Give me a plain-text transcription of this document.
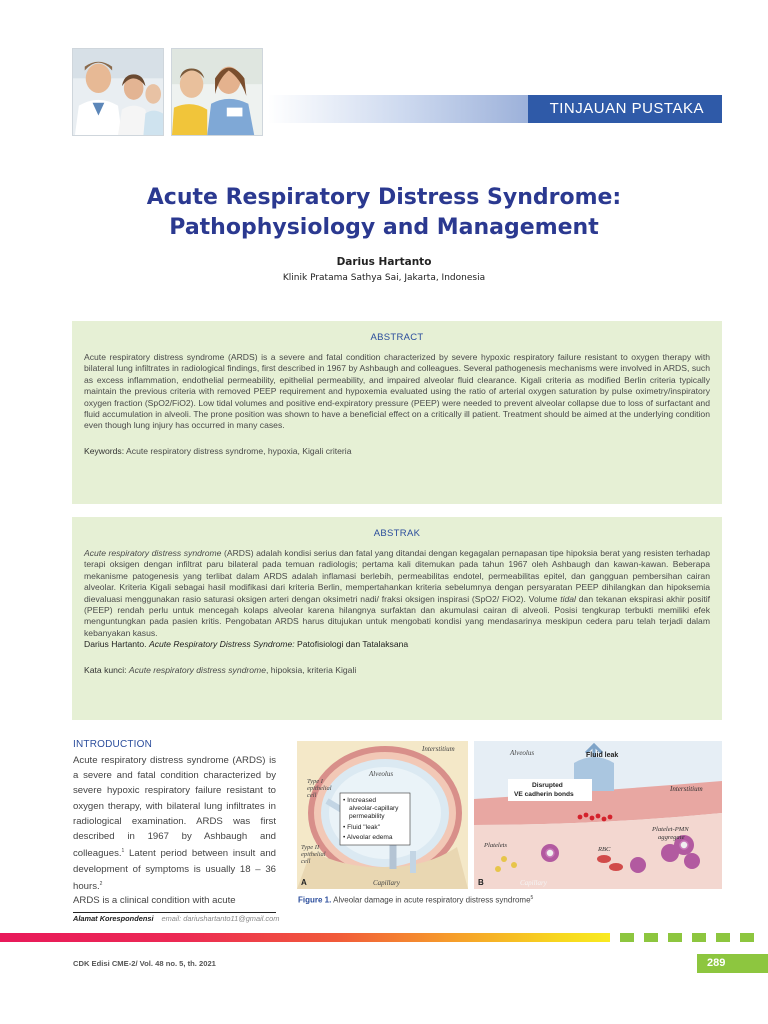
TINJAUAN PUSTAKA
Acute Respiratory Distress Syndrome:
Pathophysiology and Management
Darius Hartanto
Klinik Pratama Sathya Sai, Jakarta, Indonesia
ABSTRACT

Acute respiratory distress syndrome (ARDS) is a severe and fatal condition characterized by severe hypoxic respiratory failure resistant to oxygen therapy with bilateral lung infiltrates in radiological findings, first described in 1967 by Ashbaugh and colleagues. Several pathogenesis mechanisms were involved in ARDS, such as excess inflammation, endothelial permeability, epithelial permeability, and impaired alveolar fluid clearance. Kigali criteria as modified Berlin criteria typically maintain the previous criteria with removed PEEP requirement and hypoxemia evaluated using the ratio of arterial oxygen saturation by pulse oximetry/inspiratory oxygen fraction (SpO2/FiO2). Low tidal volumes and positive end-expiratory pressure (PEEP) were needed to prevent alveolar collapse due to loss of surfactant and fluid accumulation in alveoli. The prone position was shown to have a beneficial effect on a critically ill patient. Treatment should be aimed at the underlying condition even though lung injury has occurred in many cases.

Keywords: Acute respiratory distress syndrome, hypoxia, Kigali criteria
ABSTRAK

Acute respiratory distress syndrome (ARDS) adalah kondisi serius dan fatal yang ditandai dengan kegagalan pernapasan tipe hipoksia berat yang resisten terhadap terapi oksigen dengan infiltrat paru bilateral pada temuan radiologis; pertama kali ditemukan pada tahun 1967 oleh Ashbaugh dan kawan-kawan. Beberapa mekanisme patogenesis yang terlibat dalam ARDS adalah inflamasi berlebih, permeabilitas endotel, permeabilitas epitel, dan gangguan pembersihan cairan alveolar. Kriteria Kigali sebagai hasil modifikasi dari kriteria Berlin, mempertahankan kriteria sebelumnya dengan persyaratan PEEP dihilangkan dan hipoksemia dievaluasi menggunakan rasio saturasi oksigen arteri dengan oksimetri nadi/ fraksi oksigen inspirasi (SpO2/ FiO2). Volume tidal dan tekanan ekspirasi akhir positif (PEEP) rendah perlu untuk mencegah kolaps alveolar karena hilangnya surfaktan dan akumulasi cairan di alveoli. Posisi tengkurap terbukti memiliki efek menguntungkan pada pasien kritis. Pengobatan ARDS harus ditujukan untuk mengobati kondisi yang mendasarinya meskipun cedera paru telah terjadi dalam kebanyakan kasus.
Darius Hartanto. Acute Respiratory Distress Syndrome: Patofisiologi dan Tatalaksana

Kata kunci: Acute respiratory distress syndrome, hipoksia, kriteria Kigali
INTRODUCTION

Acute respiratory distress syndrome (ARDS) is a severe and fatal condition characterized by severe hypoxic respiratory failure resistant to oxygen therapy, with bilateral lung infiltrates in radiological examination. ARDS was first described in 1967 by Ashbaugh and colleagues.$^1$ Latent period between insult and development of symptoms is usually 18 – 36 hours.$^2$

ARDS is a clinical condition with acute

Interstitium
Alveolus
Type I
epithelial
cell
Type II
epithelial
cell
• Increased
alveolar-capillary
permeability
• Fluid "leak"
• Alveolar edema
A	Capillary
Alveolus	Fluid leak
Disrupted
VE cadherin bonds
Interstitium
Platelet-PMN
aggregate
Platelets
RBC
B	Capillary
Figure 1. Alveolar damage in acute respiratory distress syndrome$^5$
Alamat Korespondensi email: dariushartanto11@gmail.com
CDK Edisi CME-2/ Vol. 48 no. 5, th. 2021	289
